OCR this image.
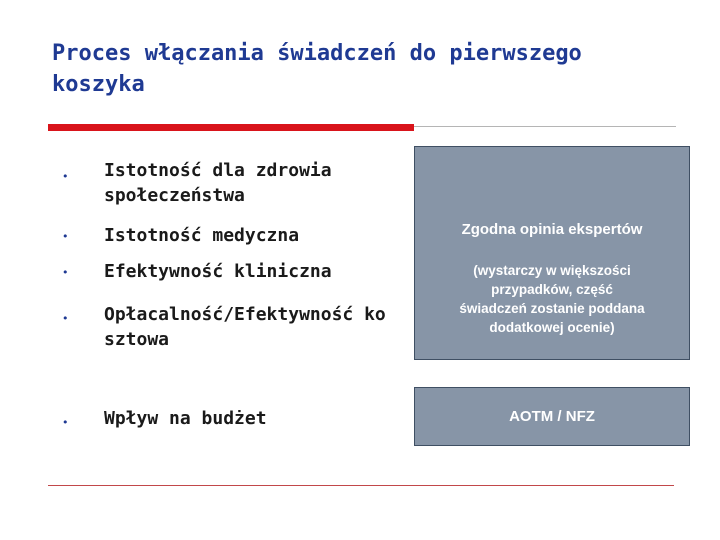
Proces włączania świadczeń do pierwszego koszyka
• Istotność dla zdrowia społeczeństwa
• Istotność medyczna
• Efektywność kliniczna
• Opłacalność/Efektywność kosztowa
• Wpływ na budżet
Zgodna opinia ekspertów
(wystarczy w większości przypadków, część świadczeń zostanie poddana dodatkowej ocenie)
AOTM / NFZ
